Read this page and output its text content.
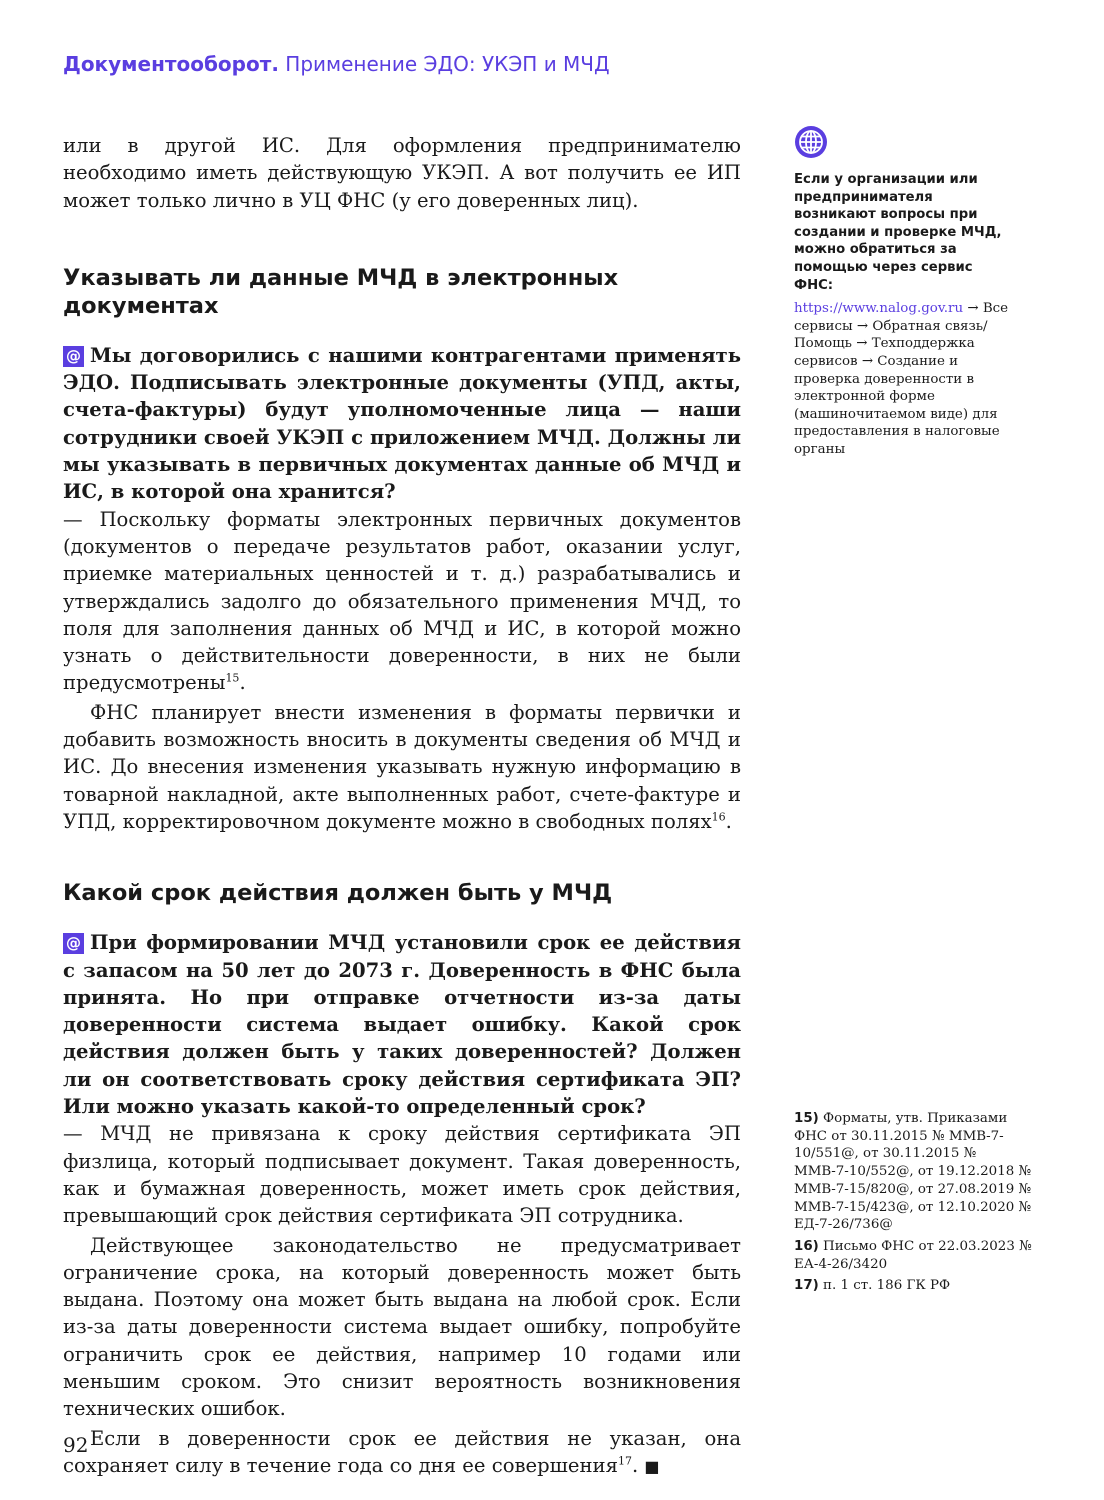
Документооборот. Применение ЭДО: УКЭП и МЧД

или в другой ИС. Для оформления предпринимателю необходимо иметь действующую УКЭП. А вот получить ее ИП может только лично в УЦ ФНС (у его доверенных лиц).

Указывать ли данные МЧД в электронных документах

@ Мы договорились с нашими контрагентами применять ЭДО. Подписывать электронные документы (УПД, акты, счета-фактуры) будут уполномоченные лица — наши сотрудники своей УКЭП с приложением МЧД. Должны ли мы указывать в первичных документах данные об МЧД и ИС, в которой она хранится?

— Поскольку форматы электронных первичных документов (документов о передаче результатов работ, оказании услуг, приемке материальных ценностей и т. д.) разрабатывались и утверждались задолго до обязательного применения МЧД, то поля для заполнения данных об МЧД и ИС, в которой можно узнать о действительности доверенности, в них не были предусмотрены$^{15}$.

ФНС планирует внести изменения в форматы первички и добавить возможность вносить в документы сведения об МЧД и ИС. До внесения изменения указывать нужную информацию в товарной накладной, акте выполненных работ, счете-фактуре и УПД, корректировочном документе можно в свободных полях$^{16}$.

Какой срок действия должен быть у МЧД

@ При формировании МЧД установили срок ее действия с запасом на 50 лет до 2073 г. Доверенность в ФНС была принята. Но при отправке отчетности из-за даты доверенности система выдает ошибку. Какой срок действия должен быть у таких доверенностей? Должен ли он соответствовать сроку действия сертификата ЭП? Или можно указать какой-то определенный срок?

— МЧД не привязана к сроку действия сертификата ЭП физлица, который подписывает документ. Такая доверенность, как и бумажная доверенность, может иметь срок действия, превышающий срок действия сертификата ЭП сотрудника.

Действующее законодательство не предусматривает ограничение срока, на который доверенность может быть выдана. Поэтому она может быть выдана на любой срок. Если из-за даты доверенности система выдает ошибку, попробуйте ограничить срок ее действия, например 10 годами или меньшим сроком. Это снизит вероятность возникновения технических ошибок.

Если в доверенности срок ее действия не указан, она сохраняет силу в течение года со дня ее совершения$^{17}$. ■

Если у организации или предпринимателя возникают вопросы при создании и проверке МЧД, можно обратиться за помощью через сервис ФНС:
https://www.nalog.gov.ru → Все сервисы → Обратная связь/Помощь → Техподдержка сервисов → Создание и проверка доверенности в электронной форме (машиночитаемом виде) для предоставления в налоговые органы

15) Форматы, утв. Приказами ФНС от 30.11.2015 № ММВ-7-10/551@, от 30.11.2015 № ММВ-7-10/552@, от 19.12.2018 № ММВ-7-15/820@, от 27.08.2019 № ММВ-7-15/423@, от 12.10.2020 № ЕД-7-26/736@

16) Письмо ФНС от 22.03.2023 № ЕА-4-26/3420

17) п. 1 ст. 186 ГК РФ

92
